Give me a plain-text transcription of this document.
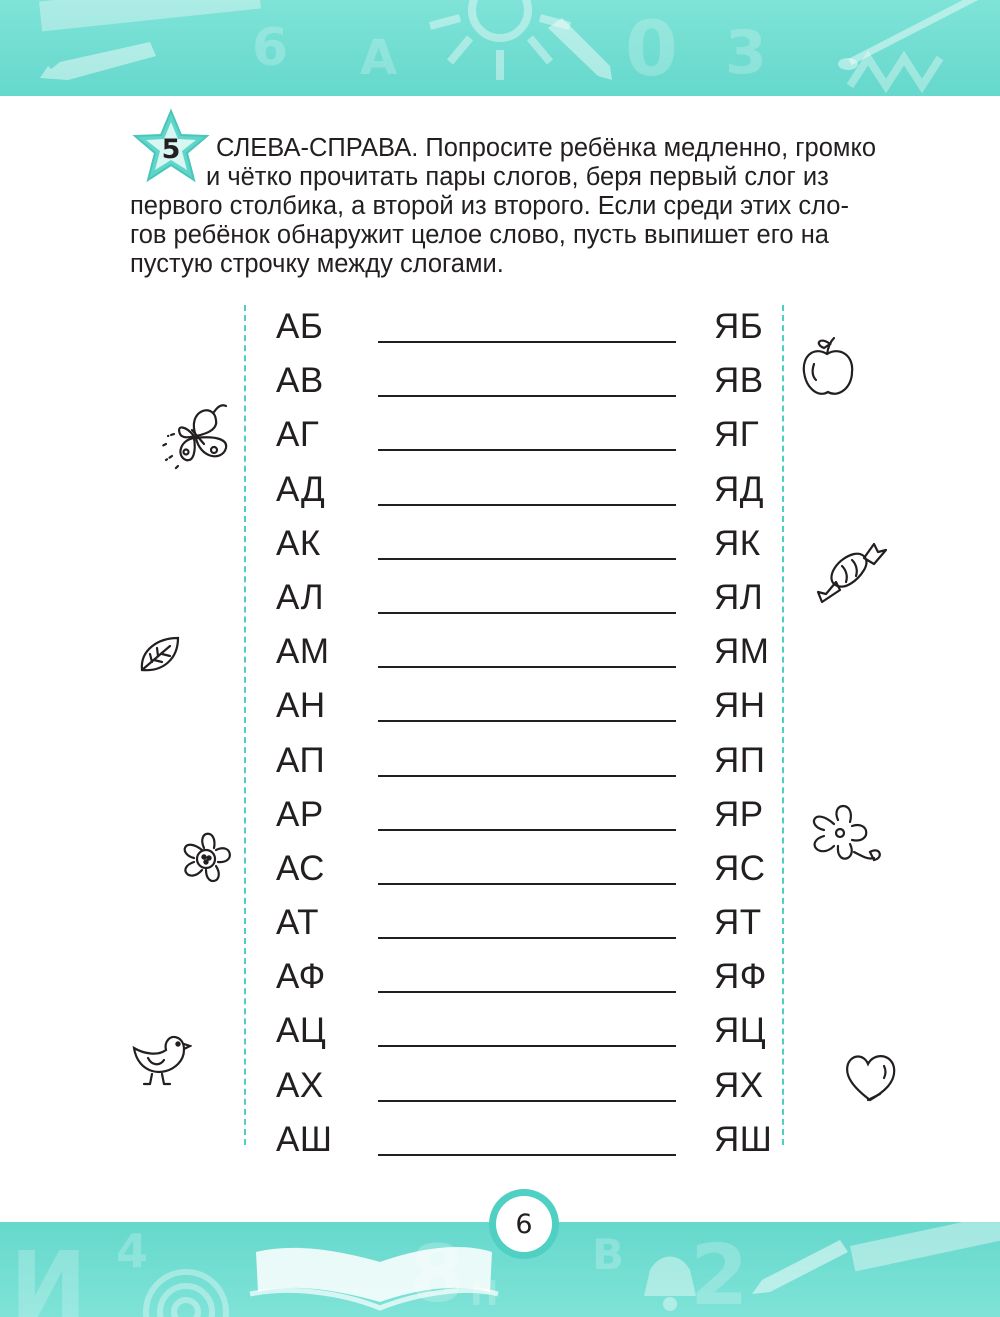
6 А	0 3
5	СЛЕВА-СПРАВА. Попросите ребёнка медленно, громко

и чётко прочитать пары слогов, беря первый слог из

первого столбика, а второй из второго. Если среди этих сло-

гов ребёнок обнаружит целое слово, пусть выпишет его на

пустую строчку между слогами.

АБ	ЯБ
АВ	ЯВ
АГ	ЯГ
АД	ЯД
АК	ЯК
АЛ	ЯЛ
АМ	ЯМ
АН	ЯН
АП	ЯП
АР	ЯР
АС	ЯС
АТ	ЯТ
АФ	ЯФ
АЦ	ЯЦ
АХ	ЯХ
АШ	ЯШ
И 4	8 Н
В 2
6
